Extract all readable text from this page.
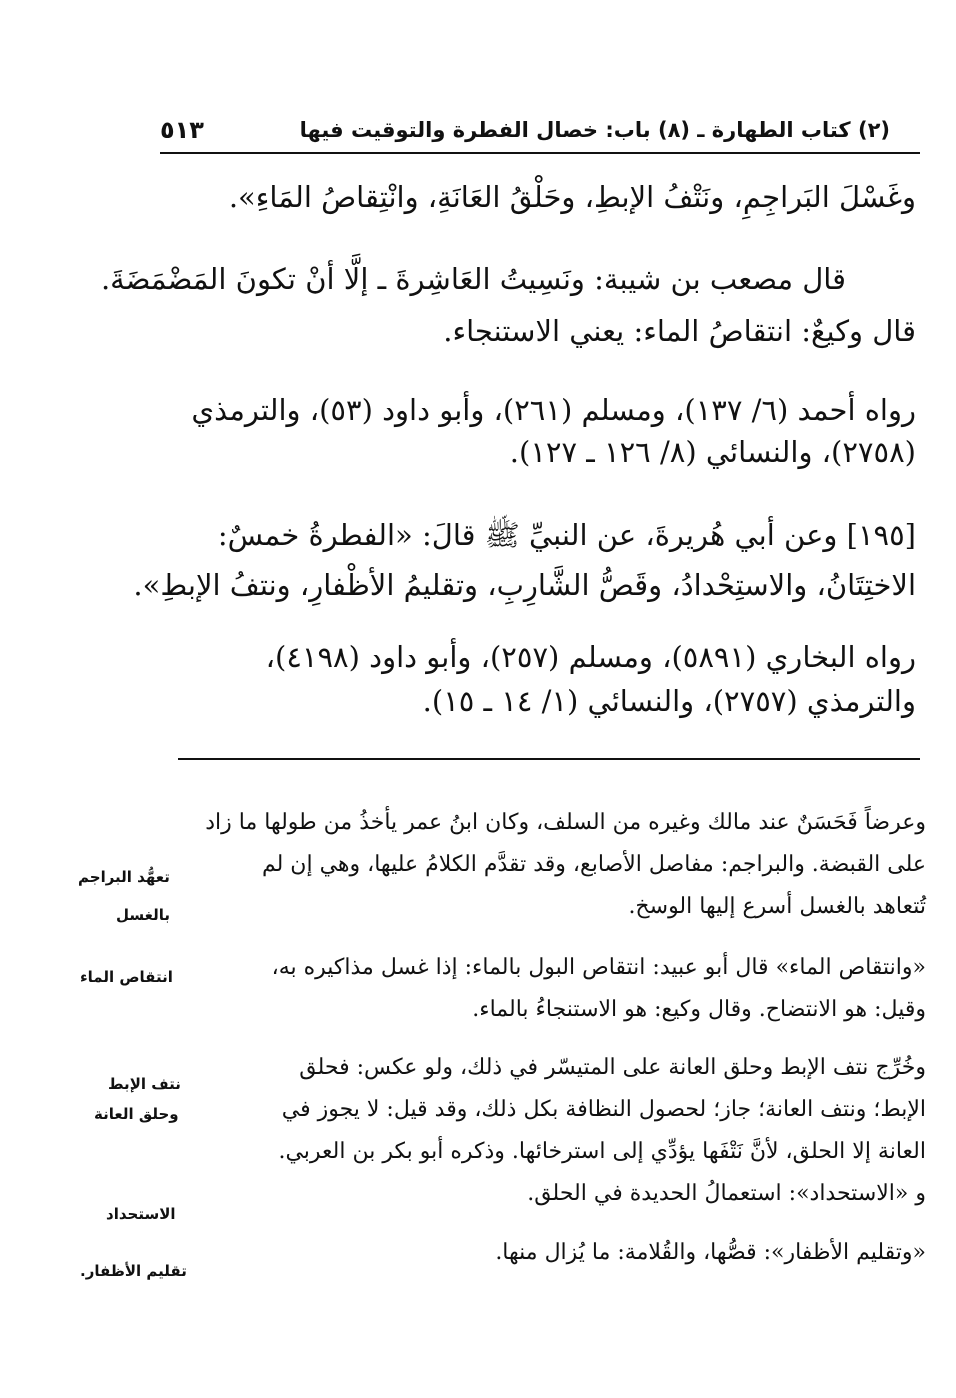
(٢) كتاب الطهارة ـ (٨) باب: خصال الفطرة والتوقيت فيها
٥١٣
وغَسْلَ البَراجِمِ، ونَتْفُ الإبطِ، وحَلْقُ العَانَةِ، وانْتِقاصُ المَاءِ».
قال مصعب بن شيبة: ونَسِيتُ العَاشِرةَ ـ إلَّا أنْ تكونَ المَضْمَضَةَ.
قال وكيعٌ: انتقاصُ الماء: يعني الاستنجاء.
رواه أحمد (٦/ ١٣٧)، ومسلم (٢٦١)، وأبو داود (٥٣)، والترمذي
(٢٧٥٨)، والنسائي (٨/ ١٢٦ ـ ١٢٧).
[١٩٥] وعن أبي هُريرةَ، عن النبيِّ ﷺ قالَ: «الفطرةُ خمسٌ:
الاختِتَانُ، والاستِحْدادُ، وقَصُّ الشَّارِبِ، وتقليمُ الأظْفارِ، ونتفُ الإبطِ».
رواه البخاري (٥٨٩١)، ومسلم (٢٥٧)، وأبو داود (٤١٩٨)،
والترمذي (٢٧٥٧)، والنسائي (١/ ١٤ ـ ١٥).
وعرضاً فَحَسَنٌ عند مالك وغيره من السلف، وكان ابنُ عمر يأخذُ من طولها ما زاد
على القبضة. والبراجم: مفاصل الأصابع، وقد تقدَّم الكلامُ عليها، وهي إن لم
تُتعاهد بالغسل أسرع إليها الوسخ.
«وانتقاص الماء» قال أبو عبيد: انتقاص البول بالماء: إذا غسل مذاكيره به،
وقيل: هو الانتضاح. وقال وكيع: هو الاستنجاءُ بالماء.
وخُرِّج نتف الإبط وحلق العانة على المتيسّر في ذلك، ولو عكس: فحلق
الإبط؛ ونتف العانة؛ جاز؛ لحصول النظافة بكل ذلك، وقد قيل: لا يجوز في
العانة إلا الحلق، لأنَّ نَتْفَها يؤدِّي إلى استرخائها. وذكره أبو بكر بن العربي.
و «الاستحداد»: استعمالُ الحديدة في الحلق.
«وتقليم الأظفار»: قصُّها، والقُلامة: ما يُزال منها.
تعهُّد البراجم
بالغسل
انتقاص الماء
نتف الإبط
وحلق العانة
الاستحداد
تقليم الأظفار.
